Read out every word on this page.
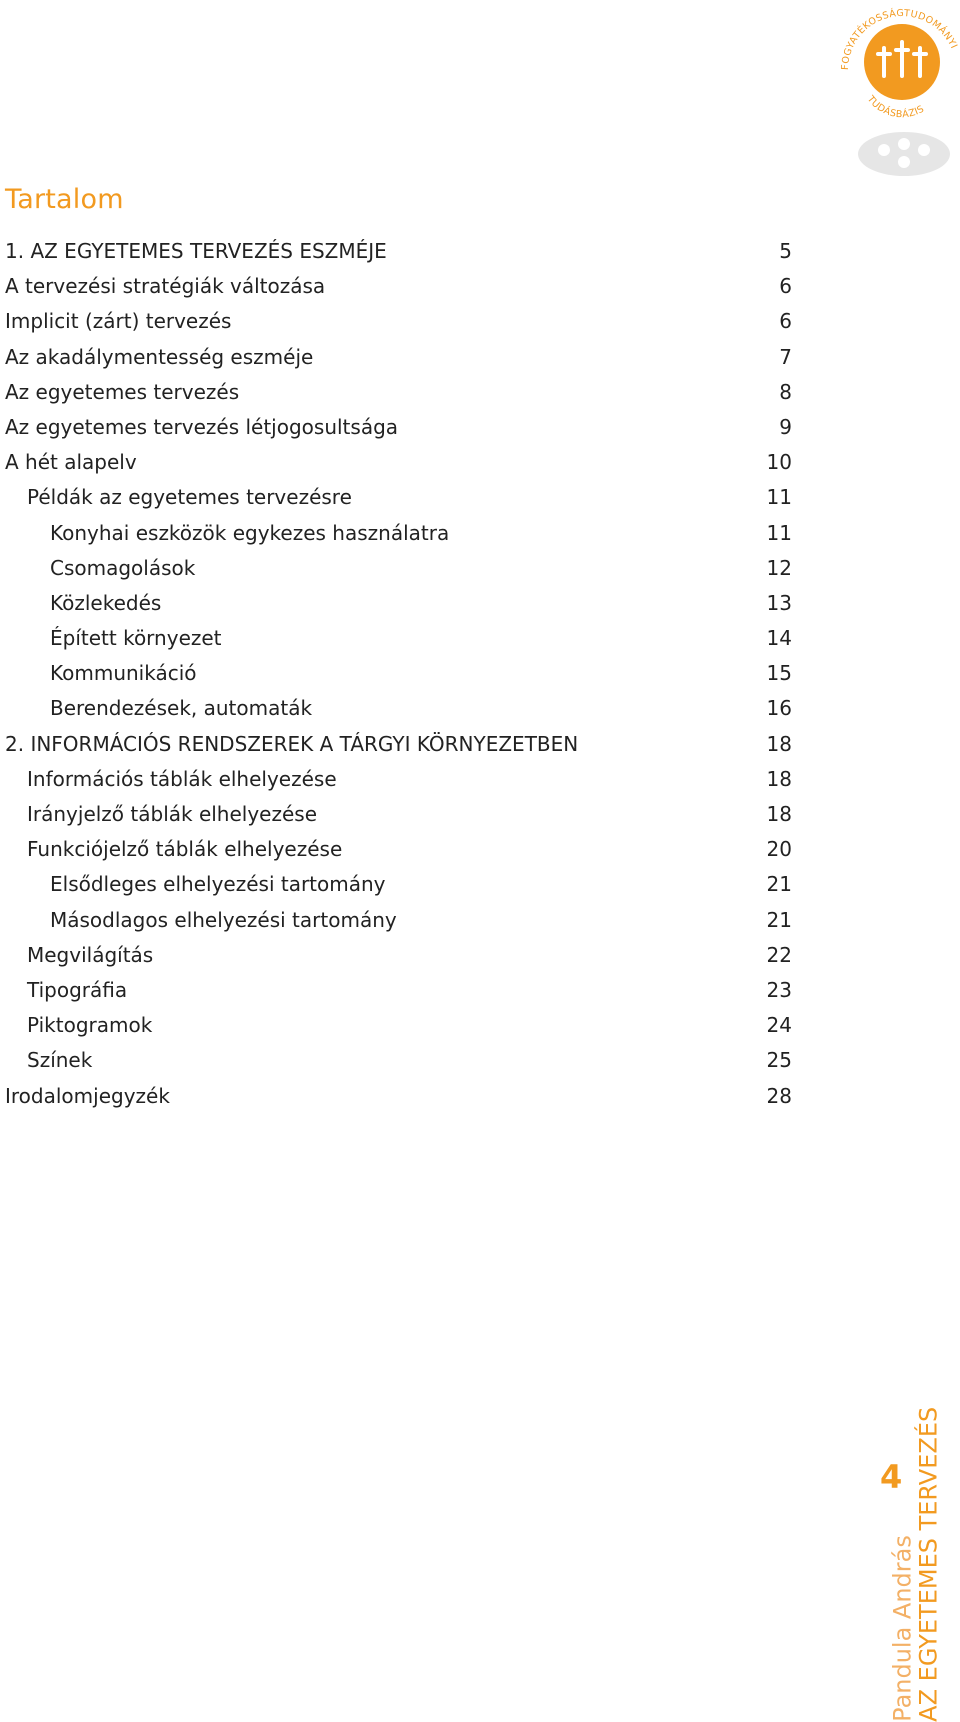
FOGYATÉKOSSÁGTUDOMÁNYI
TUDÁSBÁZIS
Tartalom
1. AZ EGYETEMES TERVEZÉS ESZMÉJE	5
A tervezési stratégiák változása	6
Implicit (zárt) tervezés	6
Az akadálymentesség eszméje	7
Az egyetemes tervezés	8
Az egyetemes tervezés létjogosultsága	9
A hét alapelv	10
Példák az egyetemes tervezésre	11
Konyhai eszközök egykezes használatra	11
Csomagolások	12
Közlekedés	13
Épített környezet	14
Kommunikáció	15
Berendezések, automaták	16
2. INFORMÁCIÓS RENDSZEREK A TÁRGYI KÖRNYEZETBEN	18
Információs táblák elhelyezése	18
Irányjelző táblák elhelyezése	18
Funkciójelző táblák elhelyezése	20
Elsődleges elhelyezési tartomány	21
Másodlagos elhelyezési tartomány	21
Megvilágítás	22
Tipográfia	23
Piktogramok	24
Színek	25
Irodalomjegyzék	28
Pandula András
AZ EGYETEMES TERVEZÉS
4
